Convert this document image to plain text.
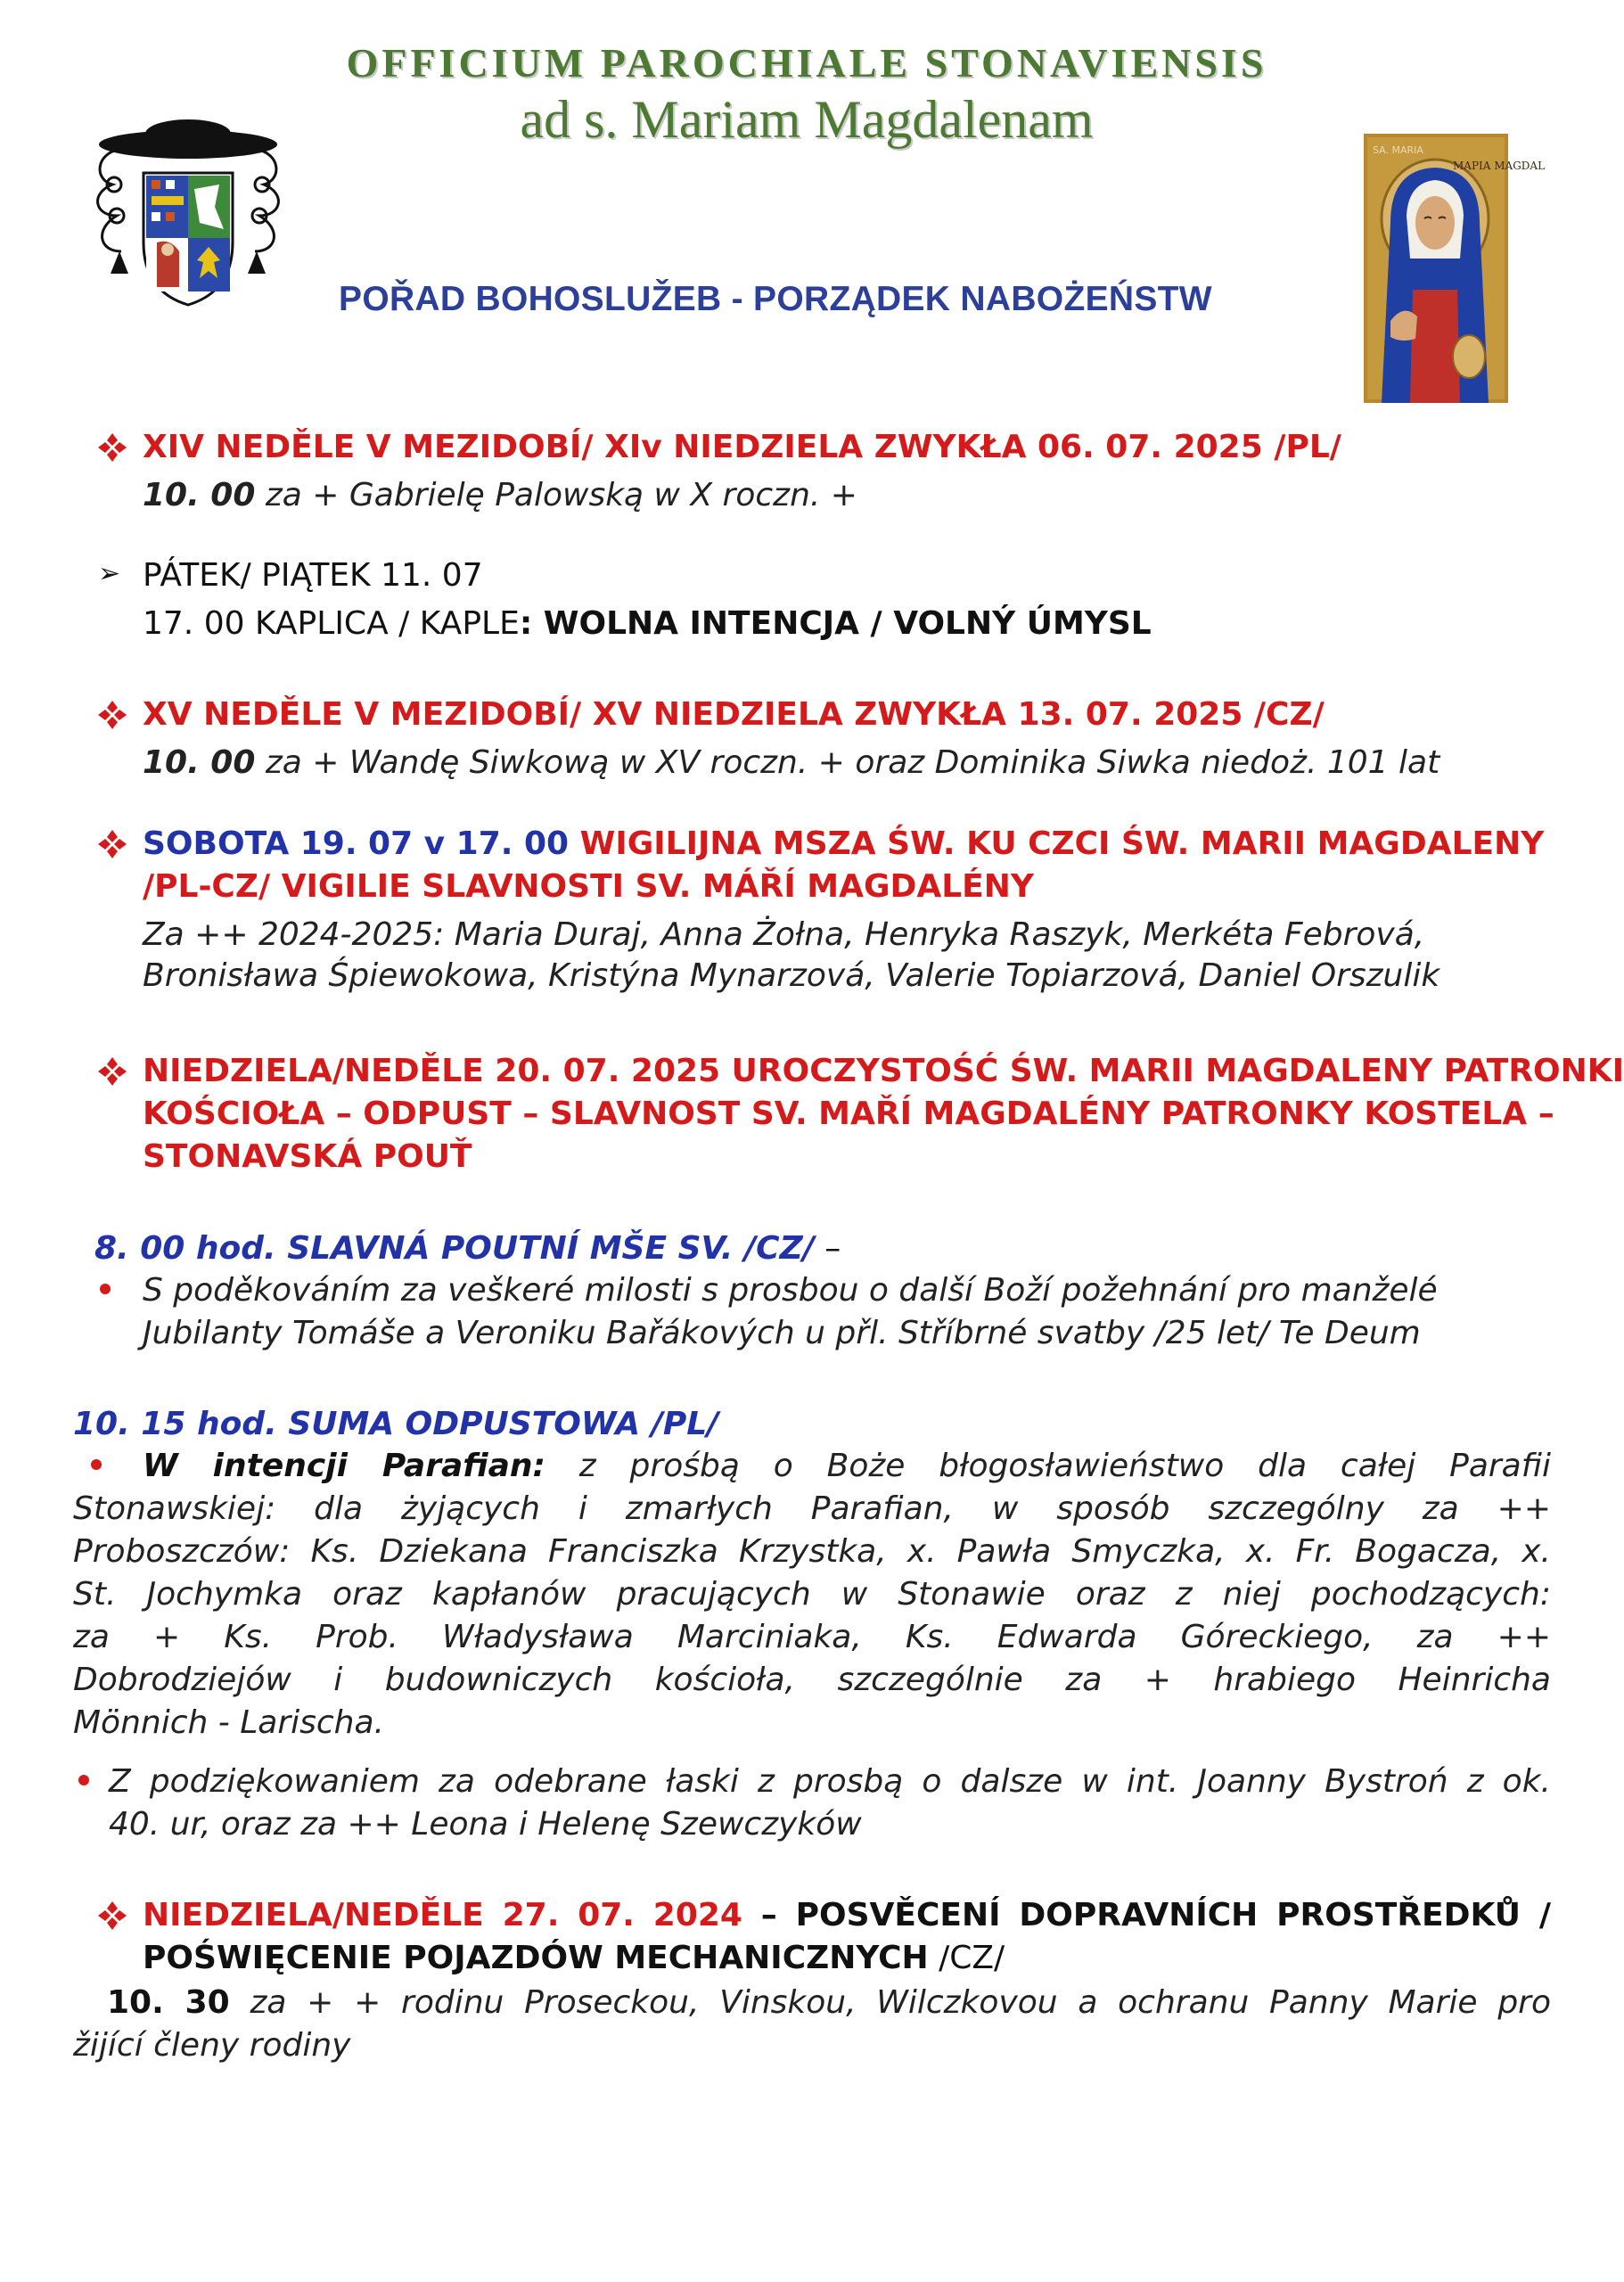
OFFICIUM PAROCHIALE STONAVIENSIS
ad s. Mariam Magdalenam
POŘAD BOHOSLUŽEB - PORZĄDEK NABOŻEŃSTW
SA. MARIA
MAPIA MAGDAL
XIV NEDĚLE V MEZIDOBÍ/ XIv NIEDZIELA ZWYKŁA 06. 07. 2025 /PL/
10. 00 za + Gabrielę Palowską w X roczn. +
➢ PÁTEK/ PIĄTEK 11. 07
17. 00 KAPLICA / KAPLE: WOLNA INTENCJA / VOLNÝ ÚMYSL
XV NEDĚLE V MEZIDOBÍ/ XV NIEDZIELA ZWYKŁA 13. 07. 2025 /CZ/
10. 00 za + Wandę Siwkową w XV roczn. + oraz Dominika Siwka niedoż. 101 lat
SOBOTA 19. 07 v 17. 00 WIGILIJNA MSZA ŚW. KU CZCI ŚW. MARII MAGDALENY
/PL-CZ/ VIGILIE SLAVNOSTI SV. MÁŘÍ MAGDALÉNY
Za ++ 2024-2025: Maria Duraj, Anna Żołna, Henryka Raszyk, Merkéta Febrová,
Bronisława Śpiewokowa, Kristýna Mynarzová, Valerie Topiarzová, Daniel Orszulik
NIEDZIELA/NEDĚLE 20. 07. 2025 UROCZYSTOŚĆ ŚW. MARII MAGDALENY PATRONKI
KOŚCIOŁA – ODPUST – SLAVNOST SV. MAŘÍ MAGDALÉNY PATRONKY KOSTELA –
STONAVSKÁ POUŤ
8. 00 hod. SLAVNÁ POUTNÍ MŠE SV. /CZ/ –
S poděkováním za veškeré milosti s prosbou o další Boží požehnání pro manželé
Jubilanty Tomáše a Veroniku Bařákových u přl. Stříbrné svatby /25 let/ Te Deum
10. 15 hod. SUMA ODPUSTOWA /PL/
W intencji Parafian: z prośbą o Boże błogosławieństwo dla całej Parafii
Stonawskiej: dla żyjących i zmarłych Parafian, w sposób szczególny za ++
Proboszczów: Ks. Dziekana Franciszka Krzystka, x. Pawła Smyczka, x. Fr. Bogacza, x.
St. Jochymka oraz kapłanów pracujących w Stonawie oraz z niej pochodzących:
za + Ks. Prob. Władysława Marciniaka, Ks. Edwarda Góreckiego, za ++
Dobrodziejów i budowniczych kościoła, szczególnie za + hrabiego Heinricha
Mönnich - Larischa.
Z podziękowaniem za odebrane łaski z prosbą o dalsze w int. Joanny Bystroń z ok.
40. ur, oraz za ++ Leona i Helenę Szewczyków
NIEDZIELA/NEDĚLE 27. 07. 2024 – POSVĚCENÍ DOPRAVNÍCH PROSTŘEDKŮ /
POŚWIĘCENIE POJAZDÓW MECHANICZNYCH /CZ/
10. 30 za + + rodinu Proseckou, Vinskou, Wilczkovou a ochranu Panny Marie pro
žijící členy rodiny
